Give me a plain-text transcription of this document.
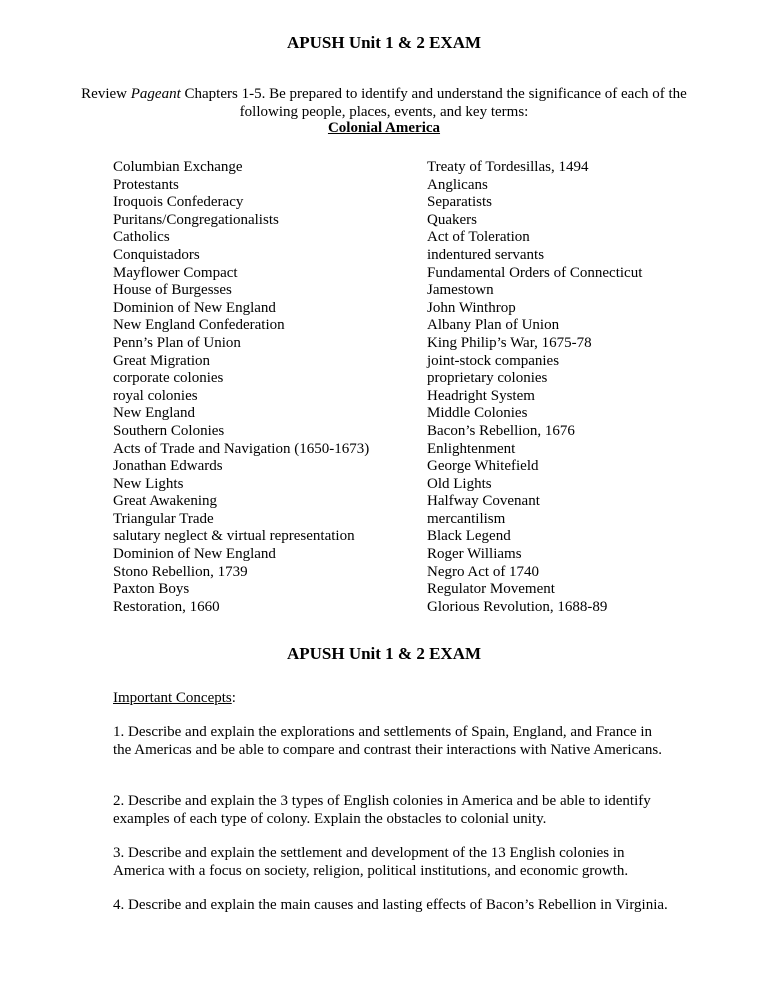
APUSH Unit 1 & 2 EXAM
Review Pageant Chapters 1-5. Be prepared to identify and understand the significance of each of the following people, places, events, and key terms:
Colonial America
Columbian Exchange
Protestants
Iroquois Confederacy
Puritans/Congregationalists
Catholics
Conquistadors
Mayflower Compact
House of Burgesses
Dominion of New England
New England Confederation
Penn’s Plan of Union
Great Migration
corporate colonies
royal colonies
New England
Southern Colonies
Acts of Trade and Navigation (1650-1673)
Jonathan Edwards
New Lights
Great Awakening
Triangular Trade
salutary neglect & virtual representation
Dominion of New England
Stono Rebellion, 1739
Paxton Boys
Restoration, 1660
Treaty of Tordesillas, 1494
Anglicans
Separatists
Quakers
Act of Toleration
indentured servants
Fundamental Orders of Connecticut
Jamestown
John Winthrop
Albany Plan of Union
King Philip’s War, 1675-78
joint-stock companies
proprietary colonies
Headright System
Middle Colonies
Bacon’s Rebellion, 1676
Enlightenment
George Whitefield
Old Lights
Halfway Covenant
mercantilism
Black Legend
Roger Williams
Negro Act of 1740
Regulator Movement
Glorious Revolution, 1688-89
APUSH Unit 1 & 2 EXAM
Important Concepts:

1. Describe and explain the explorations and settlements of Spain, England, and France in the Americas and be able to compare and contrast their interactions with Native Americans.

2. Describe and explain the 3 types of English colonies in America and be able to identify examples of each type of colony. Explain the obstacles to colonial unity.

3. Describe and explain the settlement and development of the 13 English colonies in America with a focus on society, religion, political institutions, and economic growth.

4. Describe and explain the main causes and lasting effects of Bacon’s Rebellion in Virginia.
